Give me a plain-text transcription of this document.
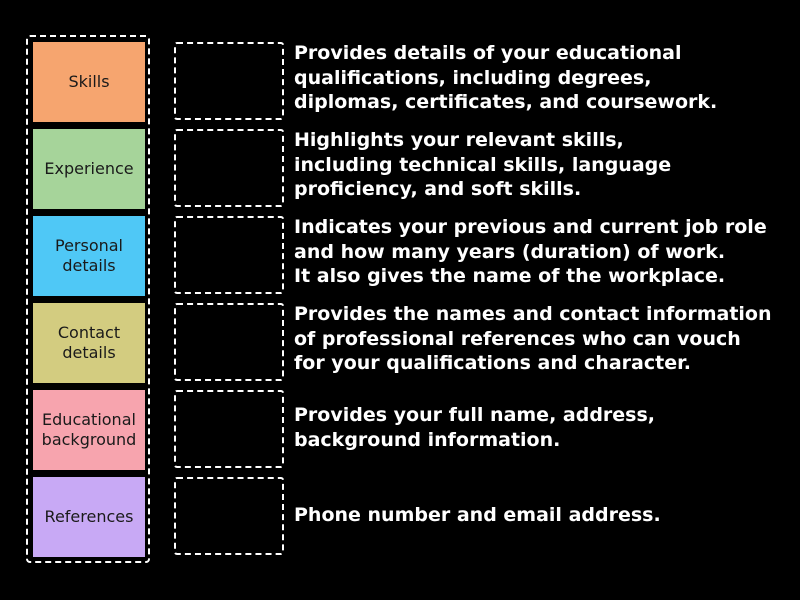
Skills
Experience
Personal
details
Contact
details
Educational
background
References
Provides details of your educational
qualifications, including degrees,
diplomas, certificates, and coursework.
Highlights your relevant skills,
including technical skills, language
proficiency, and soft skills.
Indicates your previous and current job role
and how many years (duration) of work.
It also gives the name of the workplace.
Provides the names and contact information
of professional references who can vouch
for your qualifications and character.
Provides your full name, address,
background information.
Phone number and email address.
